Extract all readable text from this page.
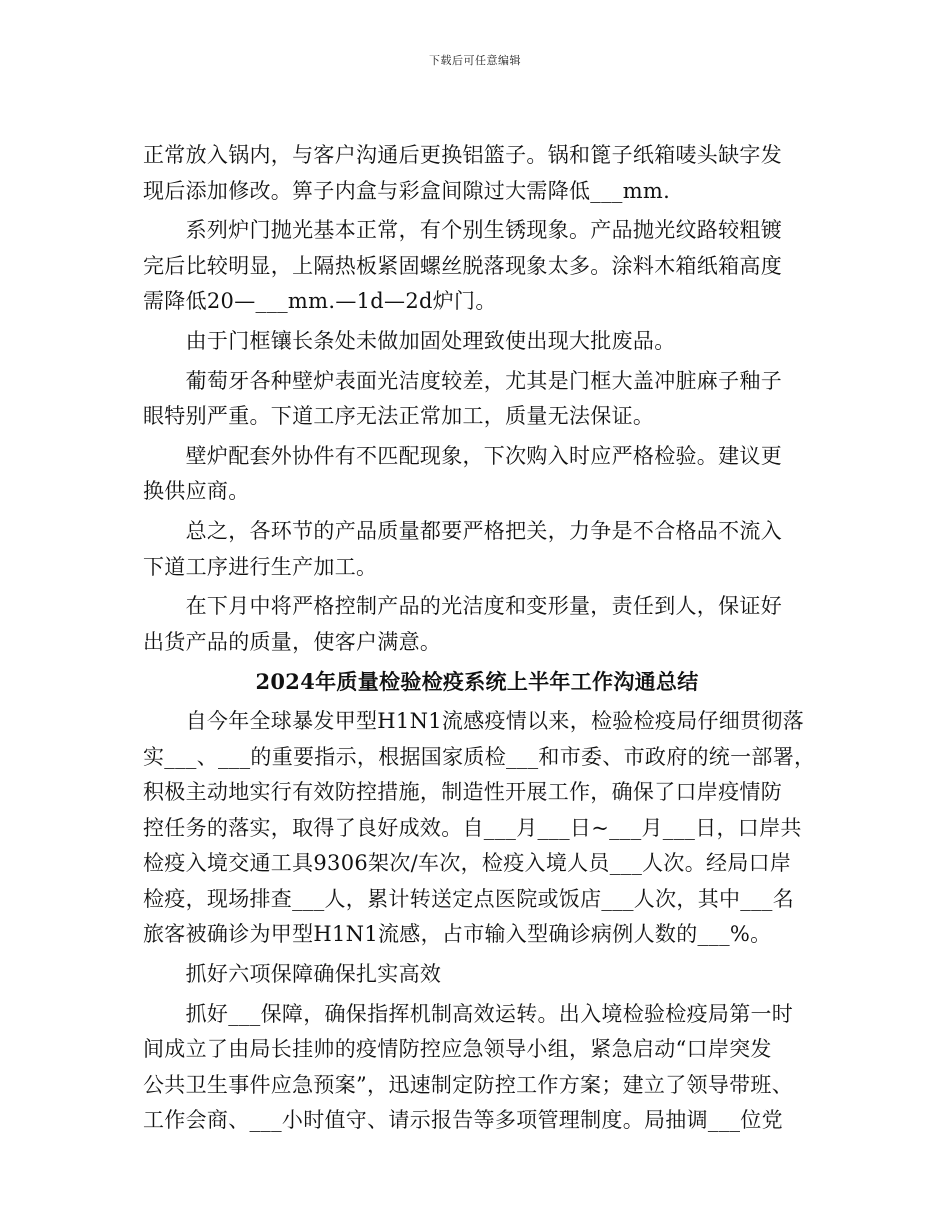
下载后可任意编辑
正常放入锅内，与客户沟通后更换铝篮子。锅和篦子纸箱唛头缺字发
现后添加修改。箅子内盒与彩盒间隙过大需降低___mm.
　　系列炉门抛光基本正常，有个别生锈现象。产品抛光纹路较粗镀
完后比较明显，上隔热板紧固螺丝脱落现象太多。涂料木箱纸箱高度
需降低20—___mm.—1d—2d炉门。
　　由于门框镶长条处未做加固处理致使出现大批废品。
　　葡萄牙各种壁炉表面光洁度较差，尤其是门框大盖冲脏麻子釉子
眼特别严重。下道工序无法正常加工，质量无法保证。
　　壁炉配套外协件有不匹配现象，下次购入时应严格检验。建议更
换供应商。
　　总之，各环节的产品质量都要严格把关，力争是不合格品不流入
下道工序进行生产加工。
　　在下月中将严格控制产品的光洁度和变形量，责任到人，保证好
出货产品的质量，使客户满意。
2024年质量检验检疫系统上半年工作沟通总结
　　自今年全球暴发甲型H1N1流感疫情以来，检验检疫局仔细贯彻落
实___、___的重要指示，根据国家质检___和市委、市政府的统一部署，
积极主动地实行有效防控措施，制造性开展工作，确保了口岸疫情防
控任务的落实，取得了良好成效。自___月___日~___月___日，口岸共
检疫入境交通工具9306架次/车次，检疫入境人员___人次。经局口岸
检疫，现场排查___人，累计转送定点医院或饭店___人次，其中___名
旅客被确诊为甲型H1N1流感，占市输入型确诊病例人数的___%。
　　抓好六项保障确保扎实高效
　　抓好___保障，确保指挥机制高效运转。出入境检验检疫局第一时
间成立了由局长挂帅的疫情防控应急领导小组，紧急启动“口岸突发
公共卫生事件应急预案”，迅速制定防控工作方案；建立了领导带班、
工作会商、___小时值守、请示报告等多项管理制度。局抽调___位党
